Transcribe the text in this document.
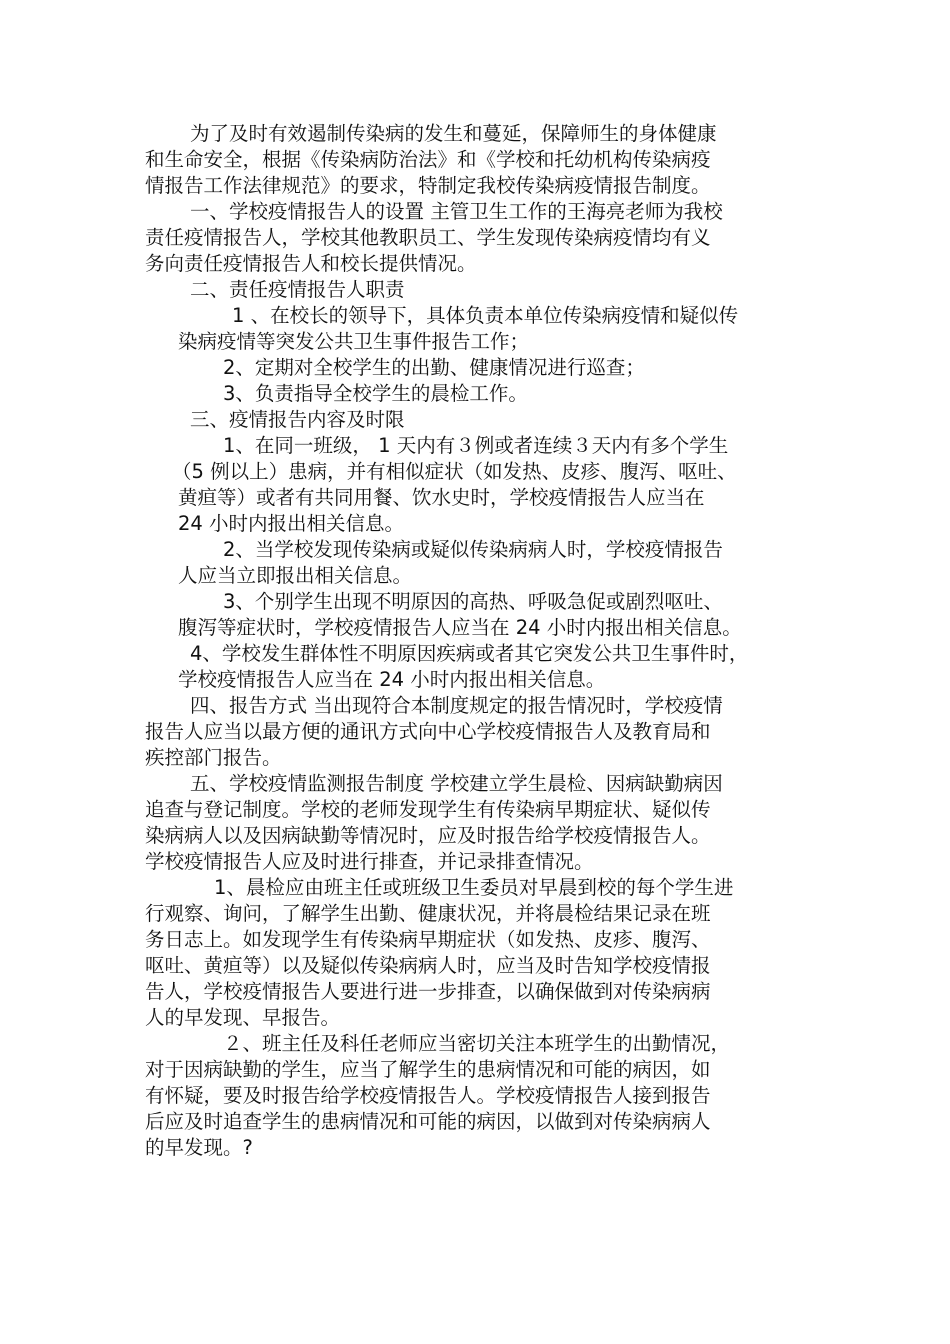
为了及时有效遏制传染病的发生和蔓延，保障师生的身体健康
和生命安全，根据《传染病防治法》和《学校和托幼机构传染病疫
情报告工作法律规范》的要求，特制定我校传染病疫情报告制度。
一、学校疫情报告人的设置 主管卫生工作的王海亮老师为我校
责任疫情报告人，学校其他教职员工、学生发现传染病疫情均有义
务向责任疫情报告人和校长提供情况。
二、责任疫情报告人职责
1 、在校长的领导下，具体负责本单位传染病疫情和疑似传
染病疫情等突发公共卫生事件报告工作；
2、定期对全校学生的出勤、健康情况进行巡查；
3、负责指导全校学生的晨检工作。
三、疫情报告内容及时限
1、在同一班级， 1 天内有３例或者连续３天内有多个学生
（5 例以上）患病，并有相似症状（如发热、皮疹、腹泻、呕吐、
黄疸等）或者有共同用餐、饮水史时，学校疫情报告人应当在
24 小时内报出相关信息。
2、当学校发现传染病或疑似传染病病人时，学校疫情报告
人应当立即报出相关信息。
3、个别学生出现不明原因的高热、呼吸急促或剧烈呕吐、
腹泻等症状时，学校疫情报告人应当在 24 小时内报出相关信息。
4、学校发生群体性不明原因疾病或者其它突发公共卫生事件时，
学校疫情报告人应当在 24 小时内报出相关信息。
四、报告方式 当出现符合本制度规定的报告情况时，学校疫情
报告人应当以最方便的通讯方式向中心学校疫情报告人及教育局和
疾控部门报告。
五、学校疫情监测报告制度 学校建立学生晨检、因病缺勤病因
追查与登记制度。学校的老师发现学生有传染病早期症状、疑似传
染病病人以及因病缺勤等情况时，应及时报告给学校疫情报告人。
学校疫情报告人应及时进行排查，并记录排查情况。
1、晨检应由班主任或班级卫生委员对早晨到校的每个学生进
行观察、询问，了解学生出勤、健康状况，并将晨检结果记录在班
务日志上。如发现学生有传染病早期症状（如发热、皮疹、腹泻、
呕吐、黄疸等）以及疑似传染病病人时，应当及时告知学校疫情报
告人，学校疫情报告人要进行进一步排查，以确保做到对传染病病
人的早发现、早报告。
２、班主任及科任老师应当密切关注本班学生的出勤情况，
对于因病缺勤的学生，应当了解学生的患病情况和可能的病因，如
有怀疑，要及时报告给学校疫情报告人。学校疫情报告人接到报告
后应及时追查学生的患病情况和可能的病因，以做到对传染病病人
的早发现。?
